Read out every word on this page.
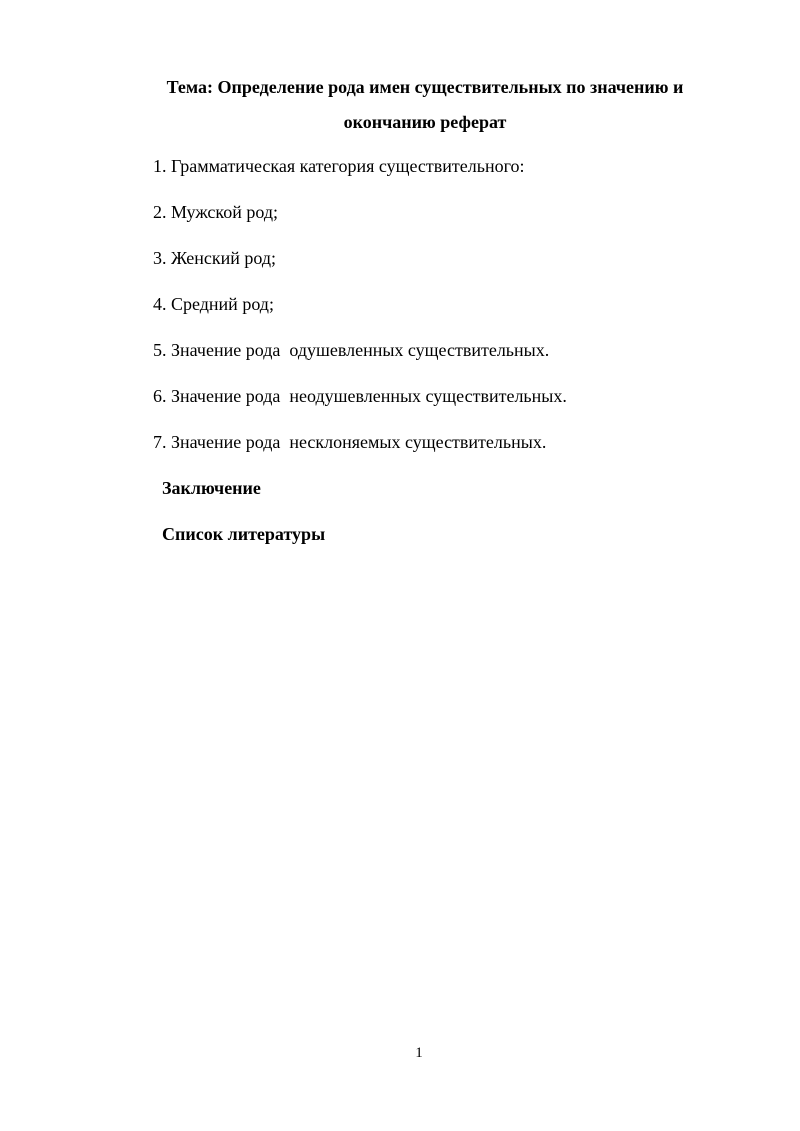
Тема: Определение рода имен существительных по значению и
окончанию реферат
1. Грамматическая категория существительного:
2. Мужской род;
3. Женский род;
4. Средний род;
5. Значение рода  одушевленных существительных.
6. Значение рода  неодушевленных существительных.
7. Значение рода  несклоняемых существительных.
Заключение
Список литературы
1
